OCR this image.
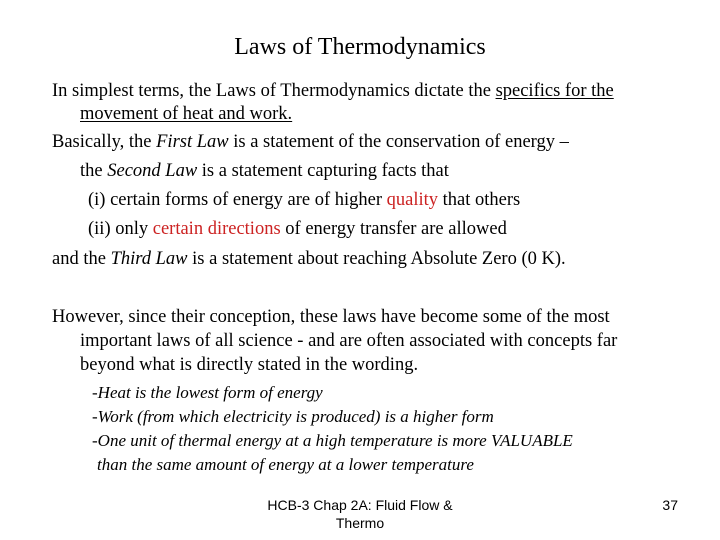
Laws of Thermodynamics
In simplest terms, the Laws of Thermodynamics dictate the specifics for the
movement of heat and work.
Basically, the First Law is a statement of the conservation of energy –
the Second Law is a statement capturing facts that
(i) certain forms of energy are of higher quality that others
(ii) only certain directions of energy transfer are allowed
and the Third Law is a statement about reaching Absolute Zero (0 K).
However, since their conception, these laws have become some of the most
important laws of all science - and are often associated with concepts far
beyond what is directly stated in the wording.
-Heat is the lowest form of energy
-Work (from which electricity is produced) is a higher form
-One unit of thermal energy at a high temperature is more VALUABLE
than the same amount of energy at a lower temperature
HCB-3 Chap 2A: Fluid Flow &
Thermo
37
